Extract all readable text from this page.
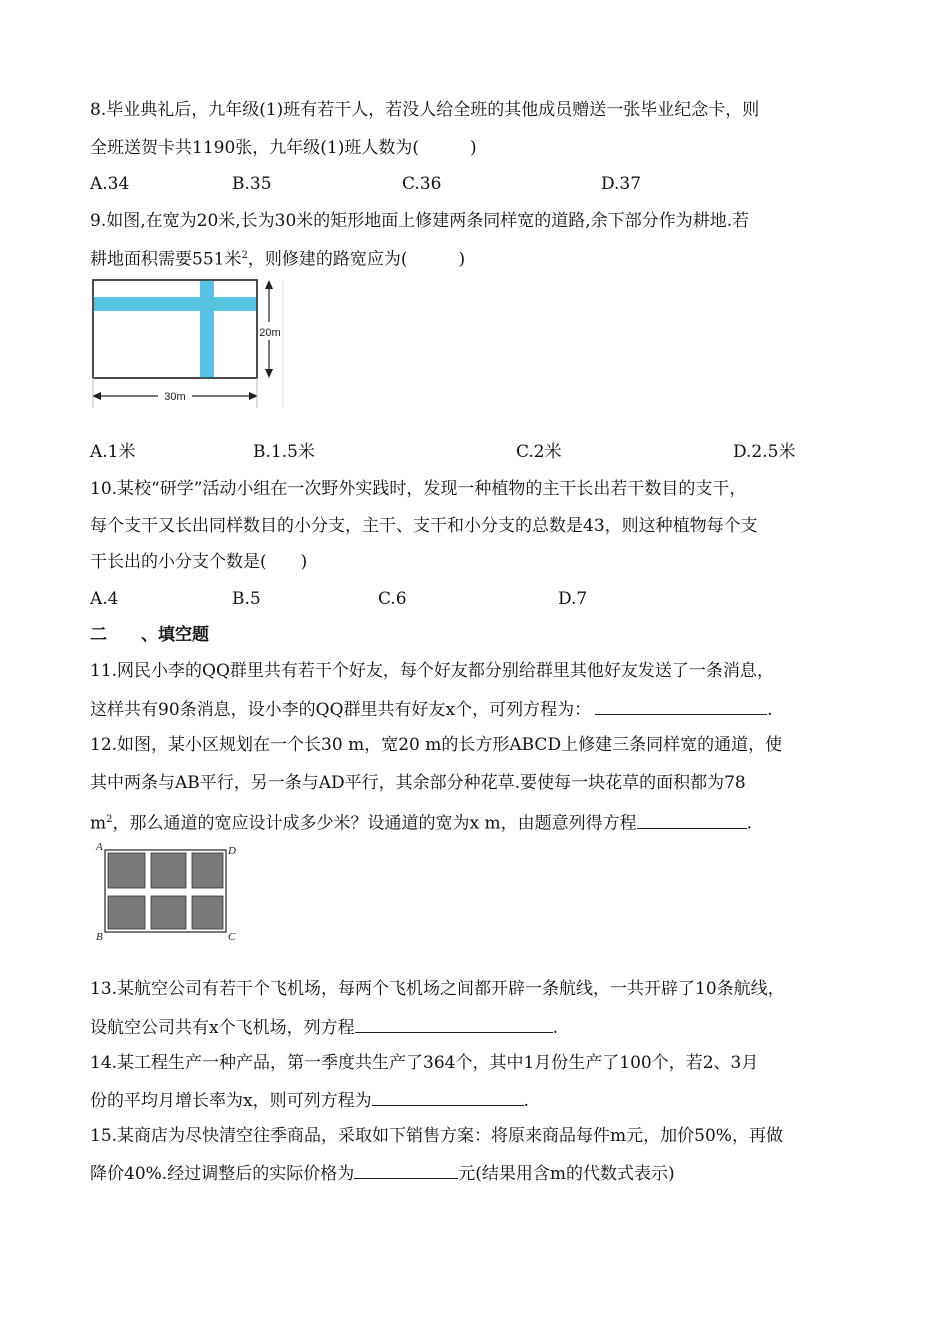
8.毕业典礼后，九年级(1)班有若干人，若没人给全班的其他成员赠送一张毕业纪念卡，则
全班送贺卡共1190张，九年级(1)班人数为(　　　)
A.34	B.35	C.36	D.37
9.如图,在宽为20米,长为30米的矩形地面上修建两条同样宽的道路,余下部分作为耕地.若
耕地面积需要551米$^2$，则修建的路宽应为(　　　)
20m
30m
A.1米	B.1.5米	C.2米	D.2.5米
10.某校“研学”活动小组在一次野外实践时，发现一种植物的主干长出若干数目的支干，
每个支干又长出同样数目的小分支，主干、支干和小分支的总数是43，则这种植物每个支
干长出的小分支个数是(　　)
A.4	B.5	C.6	D.7
二　　、填空题
11.网民小李的QQ群里共有若干个好友，每个好友都分别给群里其他好友发送了一条消息，
这样共有90条消息，设小李的QQ群里共有好友x个，可列方程为：	.
12.如图，某小区规划在一个长30 m，宽20 m的长方形ABCD上修建三条同样宽的通道，使
其中两条与AB平行，另一条与AD平行，其余部分种花草.要使每一块花草的面积都为78
$m^2$，那么通道的宽应设计成多少米？设通道的宽为x m，由题意列得方程	.
A	D
B	C
13.某航空公司有若干个飞机场，每两个飞机场之间都开辟一条航线，一共开辟了10条航线，
设航空公司共有x个飞机场，列方程	.
14.某工程生产一种产品，第一季度共生产了364个，其中1月份生产了100个，若2、3月
份的平均月增长率为x，则可列方程为	.
15.某商店为尽快清空往季商品，采取如下销售方案：将原来商品每件m元，加价50%，再做
降价40%.经过调整后的实际价格为	元(结果用含m的代数式表示)
